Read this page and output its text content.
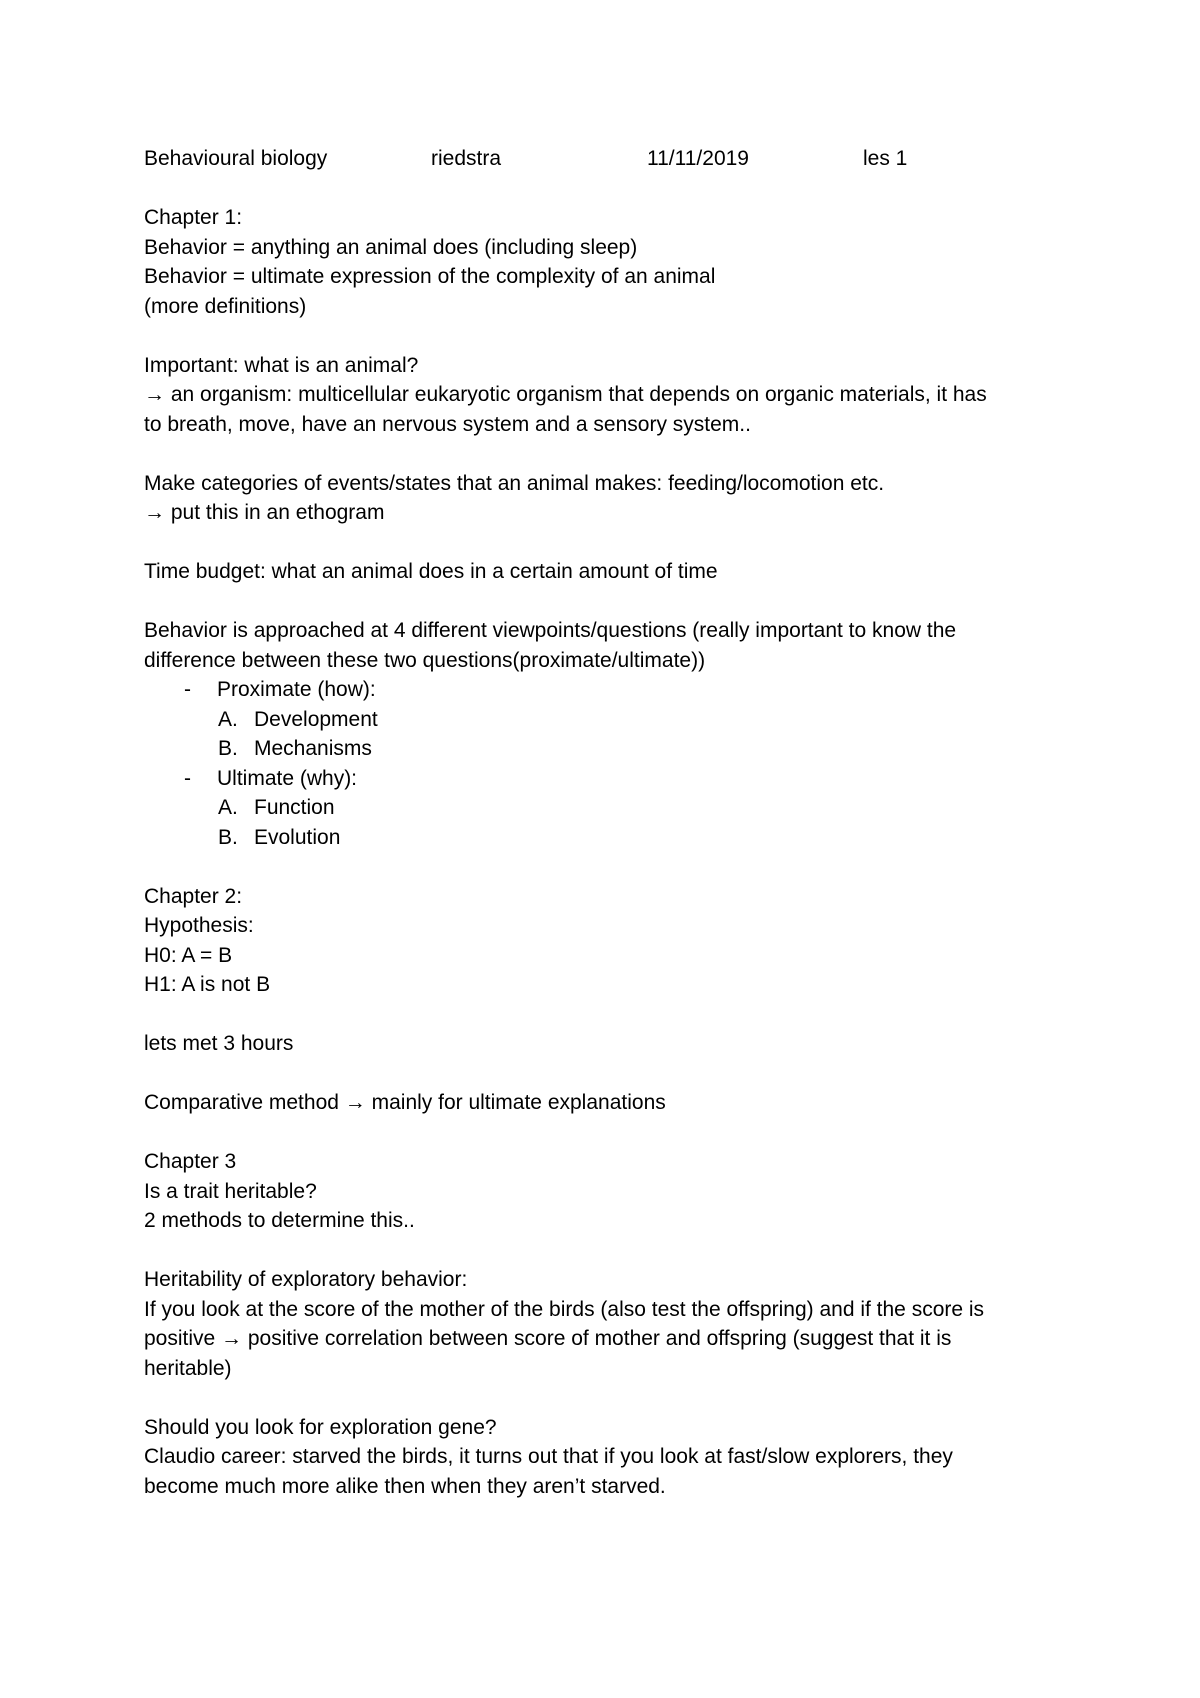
Behavioural biology	riedstra	11/11/2019	les 1
Chapter 1:
Behavior = anything an animal does (including sleep)
Behavior = ultimate expression of the complexity of an animal
(more definitions)
Important: what is an animal?
→ an organism: multicellular eukaryotic organism that depends on organic materials, it has
to breath, move, have an nervous system and a sensory system..
Make categories of events/states that an animal makes: feeding/locomotion etc.
→ put this in an ethogram
Time budget: what an animal does in a certain amount of time
Behavior is approached at 4 different viewpoints/questions (really important to know the
difference between these two questions(proximate/ultimate))
- Proximate (how):
A. Development
B. Mechanisms
- Ultimate (why):
A. Function
B. Evolution
Chapter 2:
Hypothesis:
H0: A = B
H1: A is not B
lets met 3 hours
Comparative method → mainly for ultimate explanations
Chapter 3
Is a trait heritable?
2 methods to determine this..
Heritability of exploratory behavior:
If you look at the score of the mother of the birds (also test the offspring) and if the score is
positive → positive correlation between score of mother and offspring (suggest that it is
heritable)
Should you look for exploration gene?
Claudio career: starved the birds, it turns out that if you look at fast/slow explorers, they
become much more alike then when they aren’t starved.
